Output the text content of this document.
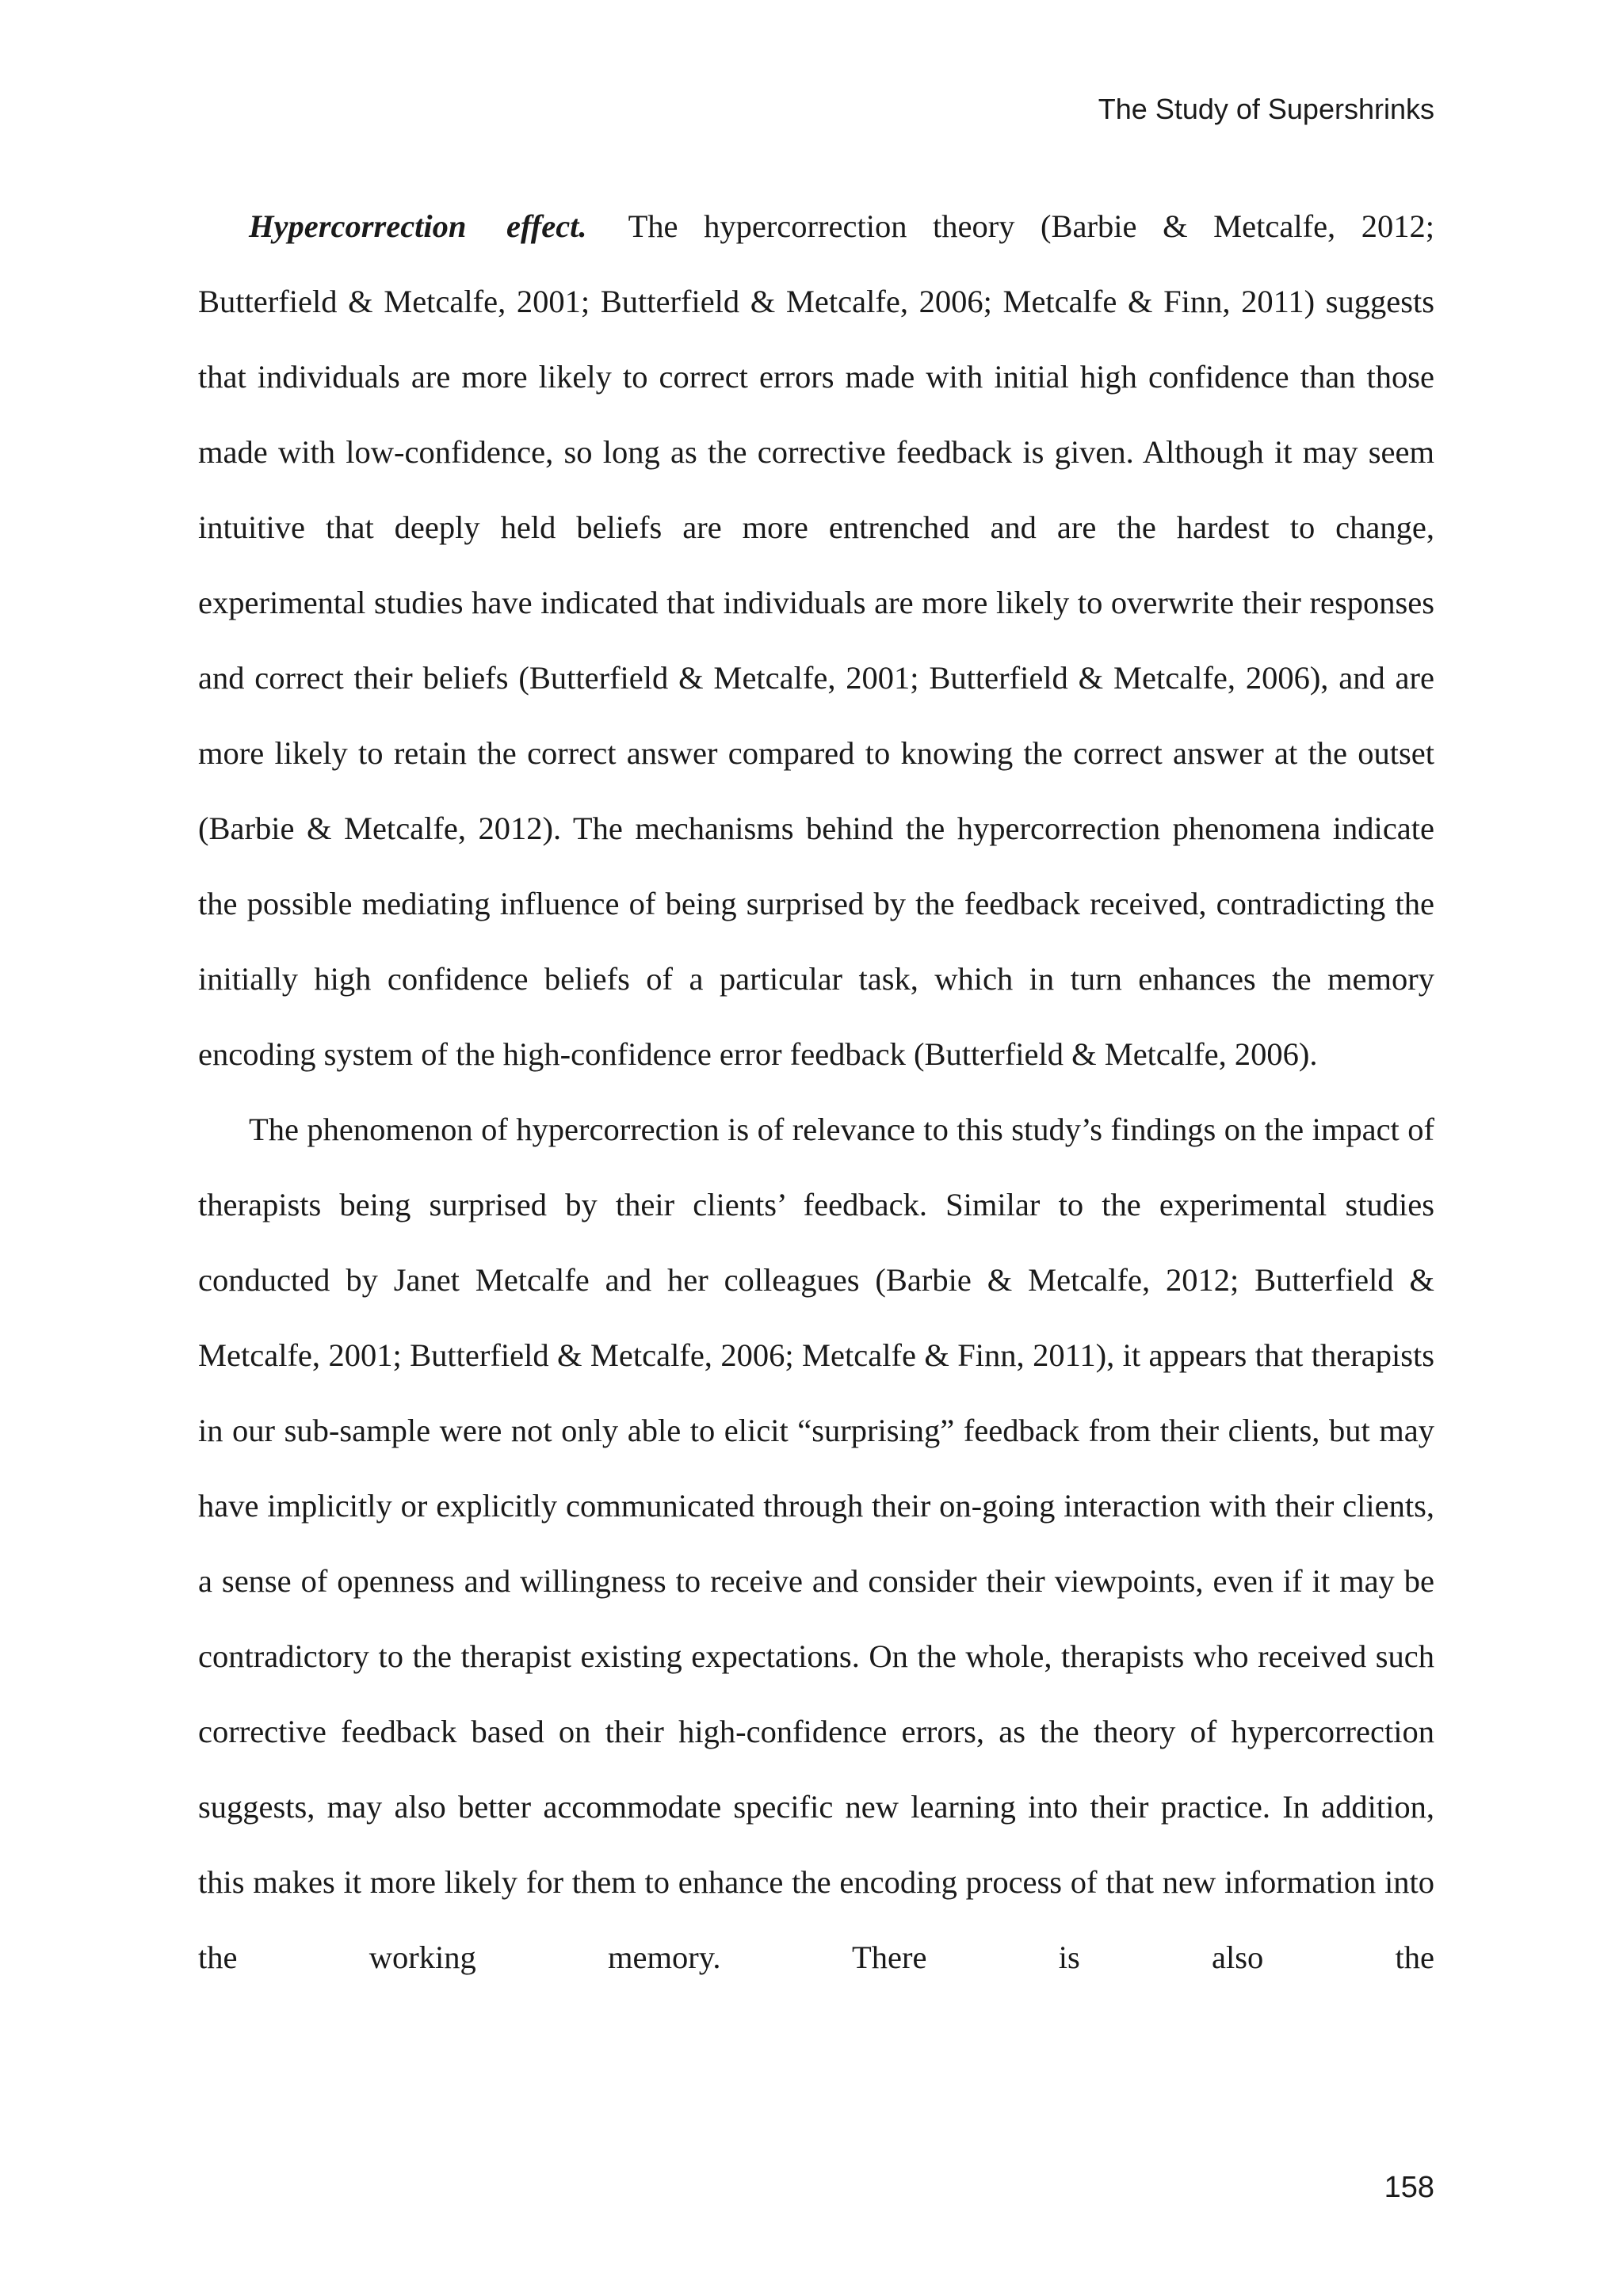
The Study of Supershrinks

Hypercorrection effect. The hypercorrection theory (Barbie & Metcalfe, 2012; Butterfield & Metcalfe, 2001; Butterfield & Metcalfe, 2006; Metcalfe & Finn, 2011) suggests that individuals are more likely to correct errors made with initial high confidence than those made with low-confidence, so long as the corrective feedback is given. Although it may seem intuitive that deeply held beliefs are more entrenched and are the hardest to change, experimental studies have indicated that individuals are more likely to overwrite their responses and correct their beliefs (Butterfield & Metcalfe, 2001; Butterfield & Metcalfe, 2006), and are more likely to retain the correct answer compared to knowing the correct answer at the outset (Barbie & Metcalfe, 2012). The mechanisms behind the hypercorrection phenomena indicate the possible mediating influence of being surprised by the feedback received, contradicting the initially high confidence beliefs of a particular task, which in turn enhances the memory encoding system of the high-confidence error feedback (Butterfield & Metcalfe, 2006).

The phenomenon of hypercorrection is of relevance to this study’s findings on the impact of therapists being surprised by their clients’ feedback. Similar to the experimental studies conducted by Janet Metcalfe and her colleagues (Barbie & Metcalfe, 2012; Butterfield & Metcalfe, 2001; Butterfield & Metcalfe, 2006; Metcalfe & Finn, 2011), it appears that therapists in our sub-sample were not only able to elicit “surprising” feedback from their clients, but may have implicitly or explicitly communicated through their on-going interaction with their clients, a sense of openness and willingness to receive and consider their viewpoints, even if it may be contradictory to the therapist existing expectations. On the whole, therapists who received such corrective feedback based on their high-confidence errors, as the theory of hypercorrection suggests, may also better accommodate specific new learning into their practice. In addition, this makes it more likely for them to enhance the encoding process of that new information into the working memory. There is also the

158
